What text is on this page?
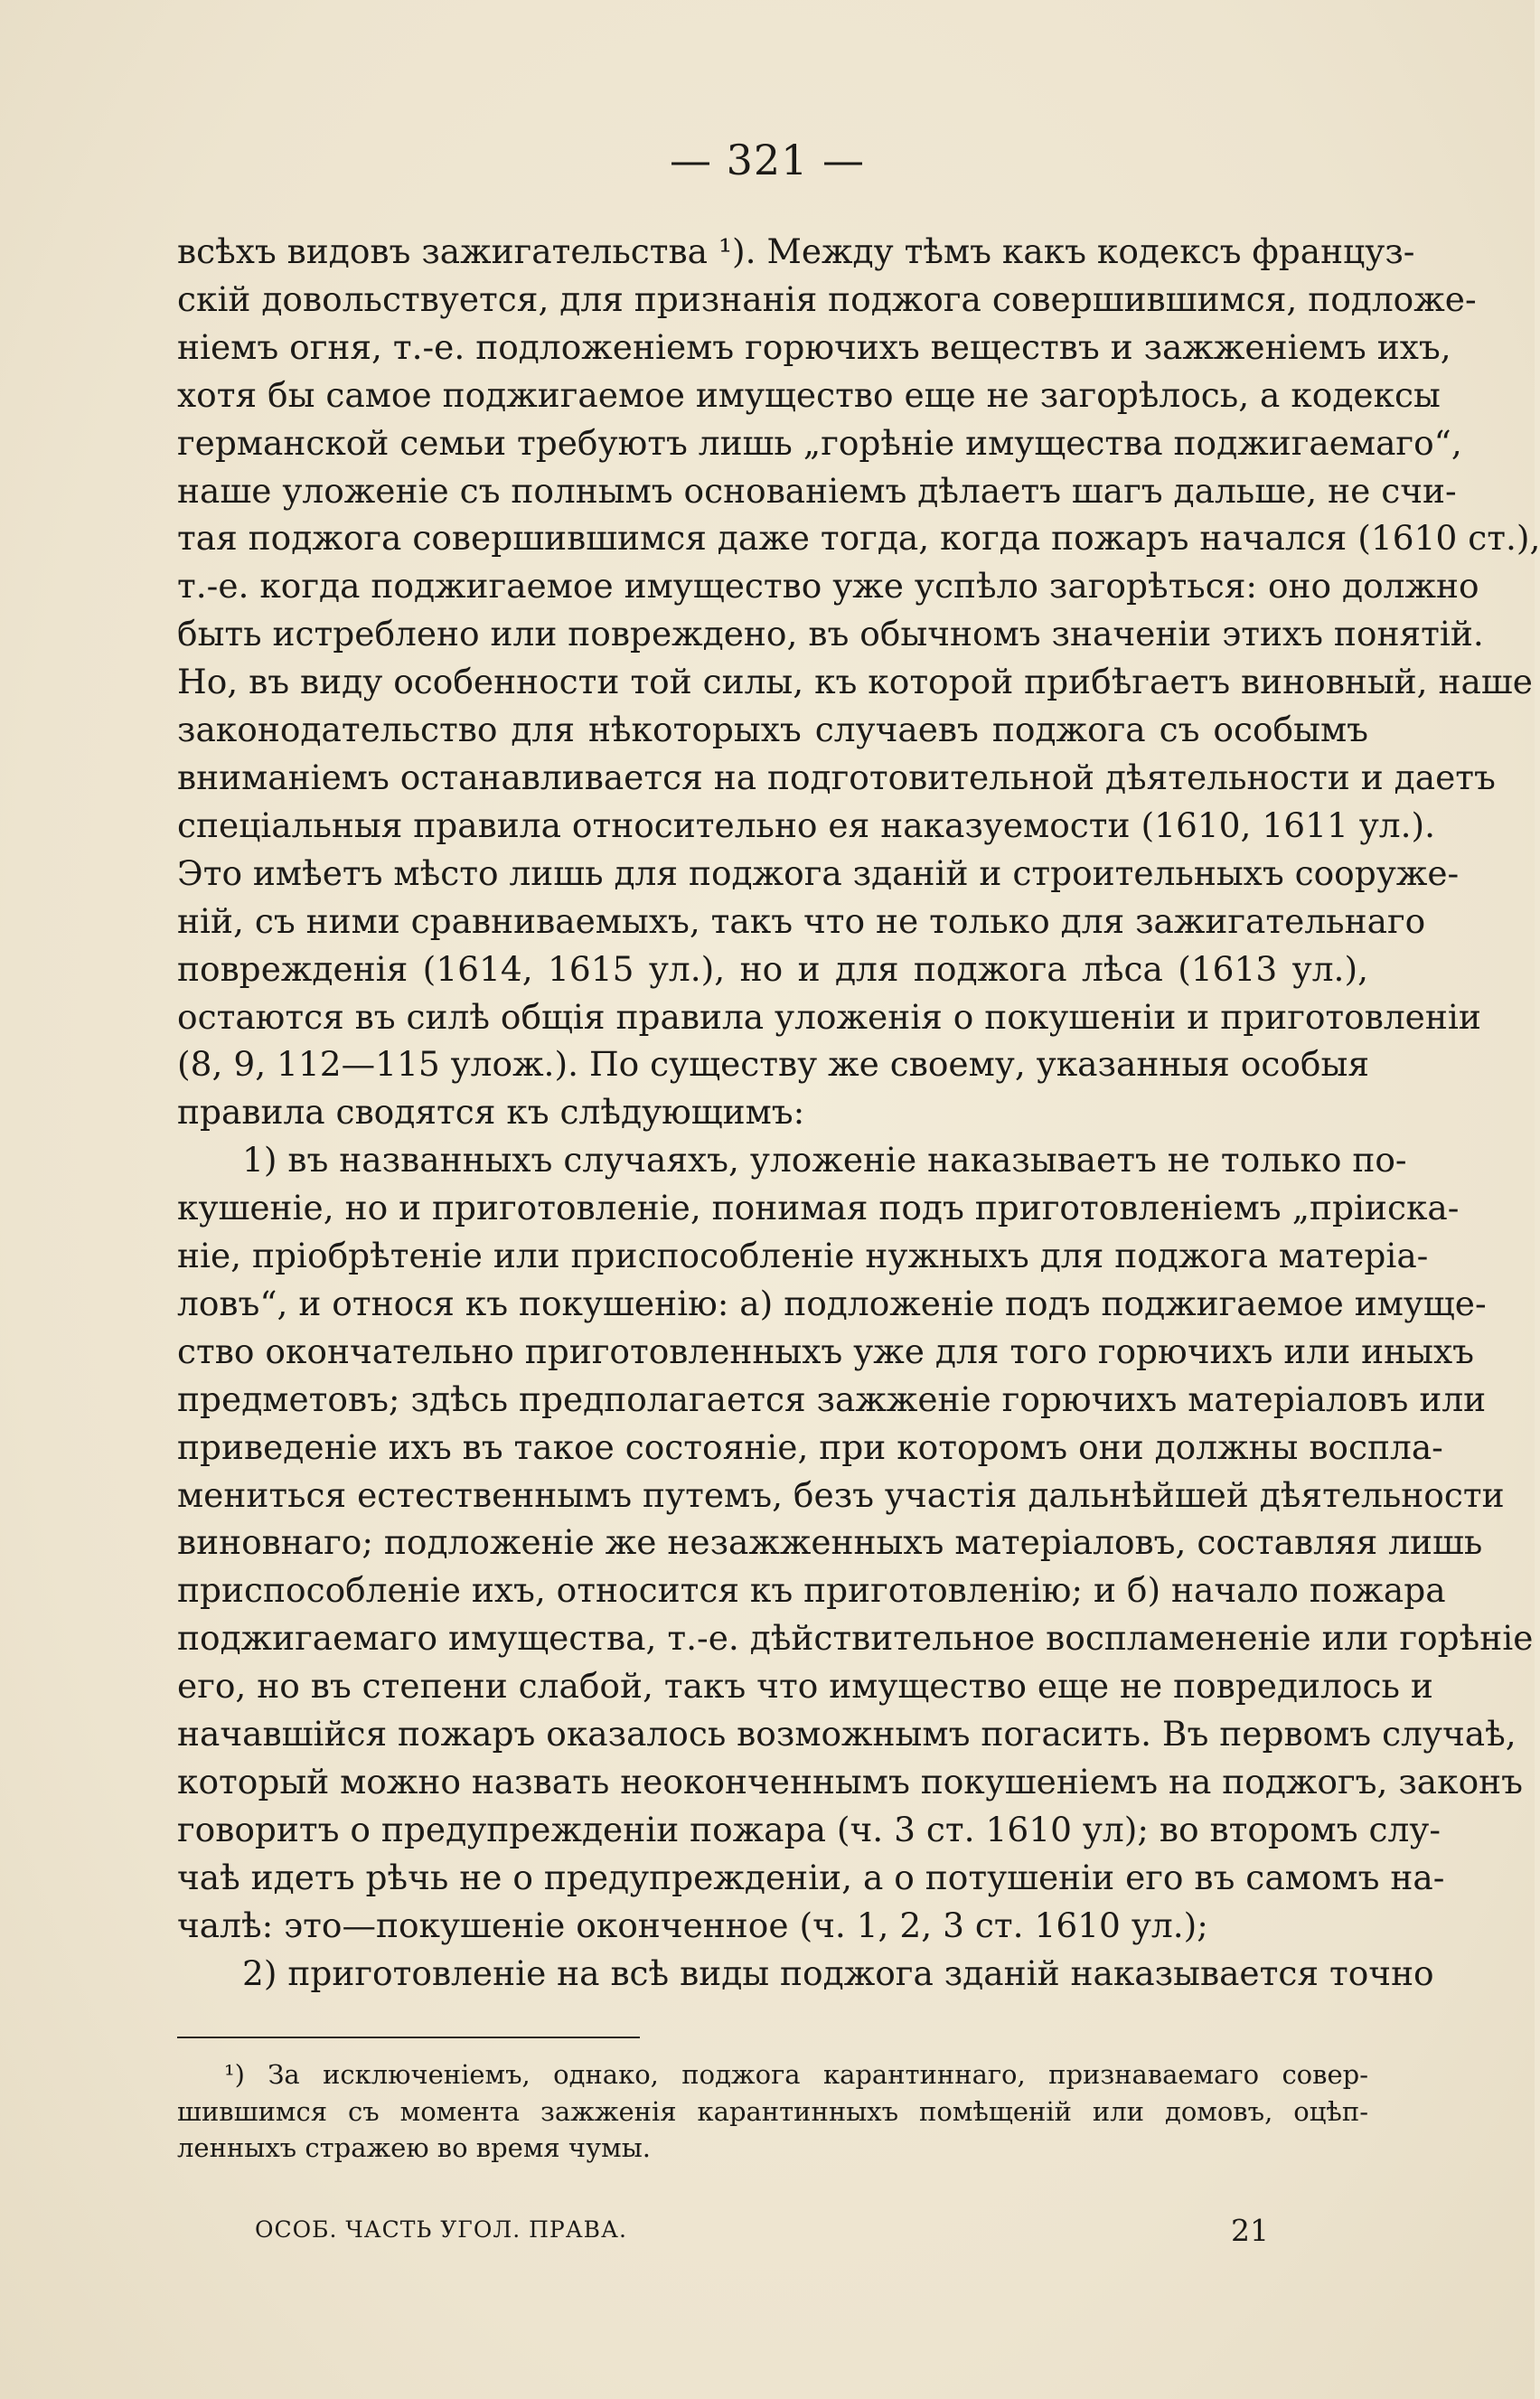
— 321 —
всѣхъ видовъ зажигательства ¹). Между тѣмъ какъ кодексъ француз-
скій довольствуется, для признанія поджога совершившимся, подложе-
ніемъ огня, т.-е. подложеніемъ горючихъ веществъ и зажженіемъ ихъ,
хотя бы самое поджигаемое имущество еще не загорѣлось, а кодексы
германской семьи требуютъ лишь „горѣніе имущества поджигаемаго“,
наше уложеніе съ полнымъ основаніемъ дѣлаетъ шагъ дальше, не счи-
тая поджога совершившимся даже тогда, когда пожаръ начался (1610 ст.),
т.-е. когда поджигаемое имущество уже успѣло загорѣться: оно должно
быть истреблено или повреждено, въ обычномъ значеніи этихъ понятій.
Но, въ виду особенности той силы, къ которой прибѣгаетъ виновный, наше
законодательство для нѣкоторыхъ случаевъ поджога съ особымъ
вниманіемъ останавливается на подготовительной дѣятельности и даетъ
спеціальныя правила относительно ея наказуемости (1610, 1611 ул.).
Это имѣетъ мѣсто лишь для поджога зданій и строительныхъ сооруже-
ній, съ ними сравниваемыхъ, такъ что не только для зажигательнаго
поврежденія (1614, 1615 ул.), но и для поджога лѣса (1613 ул.),
остаются въ силѣ общія правила уложенія о покушеніи и приготовленіи
(8, 9, 112—115 улож.). По существу же своему, указанныя особыя
правила сводятся къ слѣдующимъ:
1) въ названныхъ случаяхъ, уложеніе наказываетъ не только по-
кушеніе, но и приготовленіе, понимая подъ приготовленіемъ „пріиска-
ніе, пріобрѣтеніе или приспособленіе нужныхъ для поджога матеріа-
ловъ“, и относя къ покушенію: а) подложеніе подъ поджигаемое имуще-
ство окончательно приготовленныхъ уже для того горючихъ или иныхъ
предметовъ; здѣсь предполагается зажженіе горючихъ матеріаловъ или
приведеніе ихъ въ такое состояніе, при которомъ они должны воспла-
мениться естественнымъ путемъ, безъ участія дальнѣйшей дѣятельности
виновнаго; подложеніе же незажженныхъ матеріаловъ, составляя лишь
приспособленіе ихъ, относится къ приготовленію; и б) начало пожара
поджигаемаго имущества, т.-е. дѣйствительное воспламененіе или горѣніе
его, но въ степени слабой, такъ что имущество еще не повредилось и
начавшійся пожаръ оказалось возможнымъ погасить. Въ первомъ случаѣ,
который можно назвать неоконченнымъ покушеніемъ на поджогъ, законъ
говоритъ о предупрежденіи пожара (ч. 3 ст. 1610 ул); во второмъ слу-
чаѣ идетъ рѣчь не о предупрежденіи, а о потушеніи его въ самомъ на-
чалѣ: это—покушеніе оконченное (ч. 1, 2, 3 ст. 1610 ул.);
2) приготовленіе на всѣ виды поджога зданій наказывается точно
¹) За исключеніемъ, однако, поджога карантиннаго, признаваемаго совер-
шившимся съ момента зажженія карантинныхъ помѣщеній или домовъ, оцѣп-
ленныхъ стражею во время чумы.
ОСОБ. ЧАСТЬ УГОЛ. ПРАВА.	21
